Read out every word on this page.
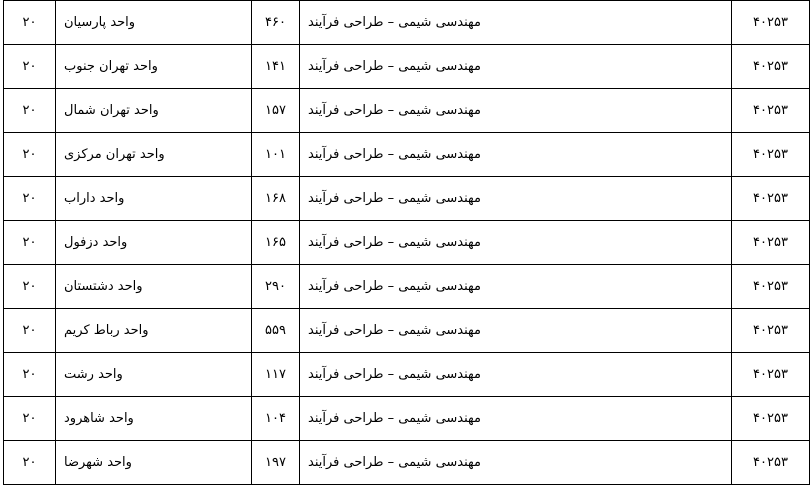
۴۰۲۵۳	مهندسی شیمی – طراحی فرآیند	۴۶۰	واحد پارسیان	۲۰
۴۰۲۵۳	مهندسی شیمی – طراحی فرآیند	۱۴۱	واحد تهران جنوب	۲۰
۴۰۲۵۳	مهندسی شیمی – طراحی فرآیند	۱۵۷	واحد تهران شمال	۲۰
۴۰۲۵۳	مهندسی شیمی – طراحی فرآیند	۱۰۱	واحد تهران مرکزی	۲۰
۴۰۲۵۳	مهندسی شیمی – طراحی فرآیند	۱۶۸	واحد داراب	۲۰
۴۰۲۵۳	مهندسی شیمی – طراحی فرآیند	۱۶۵	واحد دزفول	۲۰
۴۰۲۵۳	مهندسی شیمی – طراحی فرآیند	۲۹۰	واحد دشتستان	۲۰
۴۰۲۵۳	مهندسی شیمی – طراحی فرآیند	۵۵۹	واحد رباط کریم	۲۰
۴۰۲۵۳	مهندسی شیمی – طراحی فرآیند	۱۱۷	واحد رشت	۲۰
۴۰۲۵۳	مهندسی شیمی – طراحی فرآیند	۱۰۴	واحد شاهرود	۲۰
۴۰۲۵۳	مهندسی شیمی – طراحی فرآیند	۱۹۷	واحد شهرضا	۲۰
